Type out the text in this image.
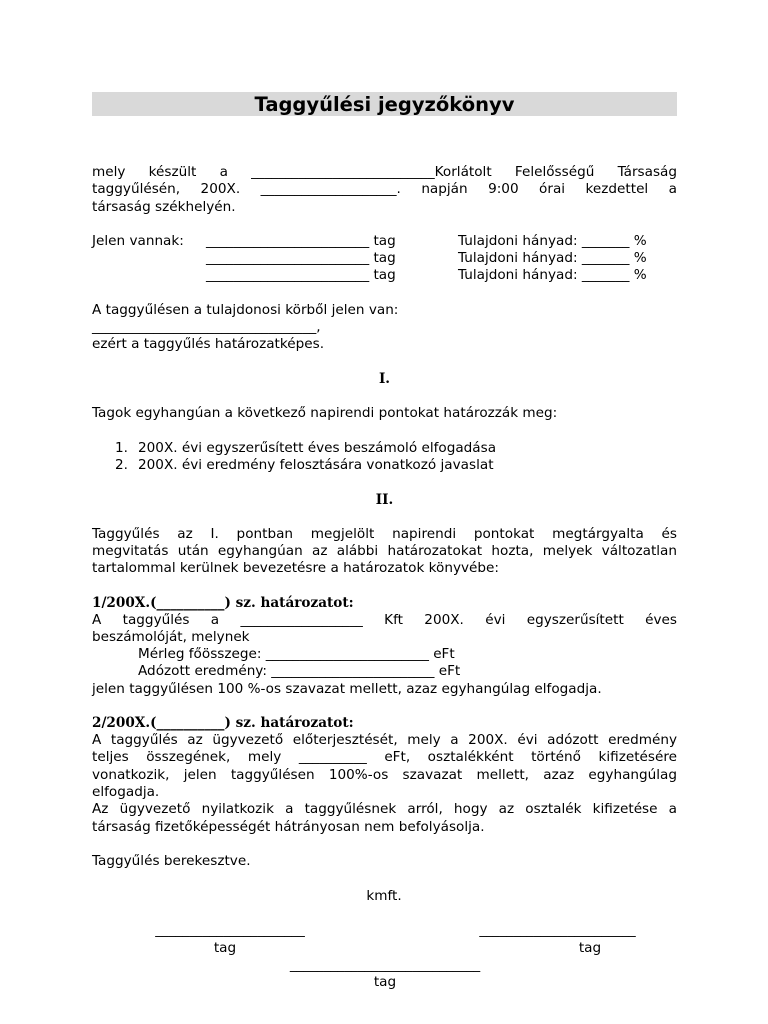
Taggyűlési jegyzőkönyv
mely készült a ___________________________Korlátolt Felelősségű Társaság
taggyűlésén, 200X. ____________________. napján 9:00 órai kezdettel a
társaság székhelyén.
Jelen vannak: ________________________ tag	Tulajdoni hányad: _______ %
________________________ tag	Tulajdoni hányad: _______ %
________________________ tag	Tulajdoni hányad: _______ %
A taggyűlésen a tulajdonosi körből jelen van:
_________________________________,
ezért a taggyűlés határozatképes.
I.
Tagok egyhangúan a következő napirendi pontokat határozzák meg:
1. 200X. évi egyszerűsített éves beszámoló elfogadása
2. 200X. évi eredmény felosztására vonatkozó javaslat
II.
Taggyűlés az I. pontban megjelölt napirendi pontokat megtárgyalta és
megvitatás után egyhangúan az alábbi határozatokat hozta, melyek változatlan
tartalommal kerülnek bevezetésre a határozatok könyvébe:
1/200X.(__________) sz. határozatot:
A taggyűlés a __________________ Kft 200X. évi egyszerűsített éves
beszámolóját, melynek
Mérleg főösszege: ________________________ eFt
Adózott eredmény: ________________________ eFt
jelen taggyűlésen 100 %-os szavazat mellett, azaz egyhangúlag elfogadja.
2/200X.(__________) sz. határozatot:
A taggyűlés az ügyvezető előterjesztését, mely a 200X. évi adózott eredmény
teljes összegének, mely __________ eFt, osztalékként történő kifizetésére
vonatkozik, jelen taggyűlésen 100%-os szavazat mellett, azaz egyhangúlag
elfogadja.
Az ügyvezető nyilatkozik a taggyűlésnek arról, hogy az osztalék kifizetése a
társaság fizetőképességét hátrányosan nem befolyásolja.
Taggyűlés berekesztve.
kmft.
______________________
tag
_______________________
tag
____________________________
tag
